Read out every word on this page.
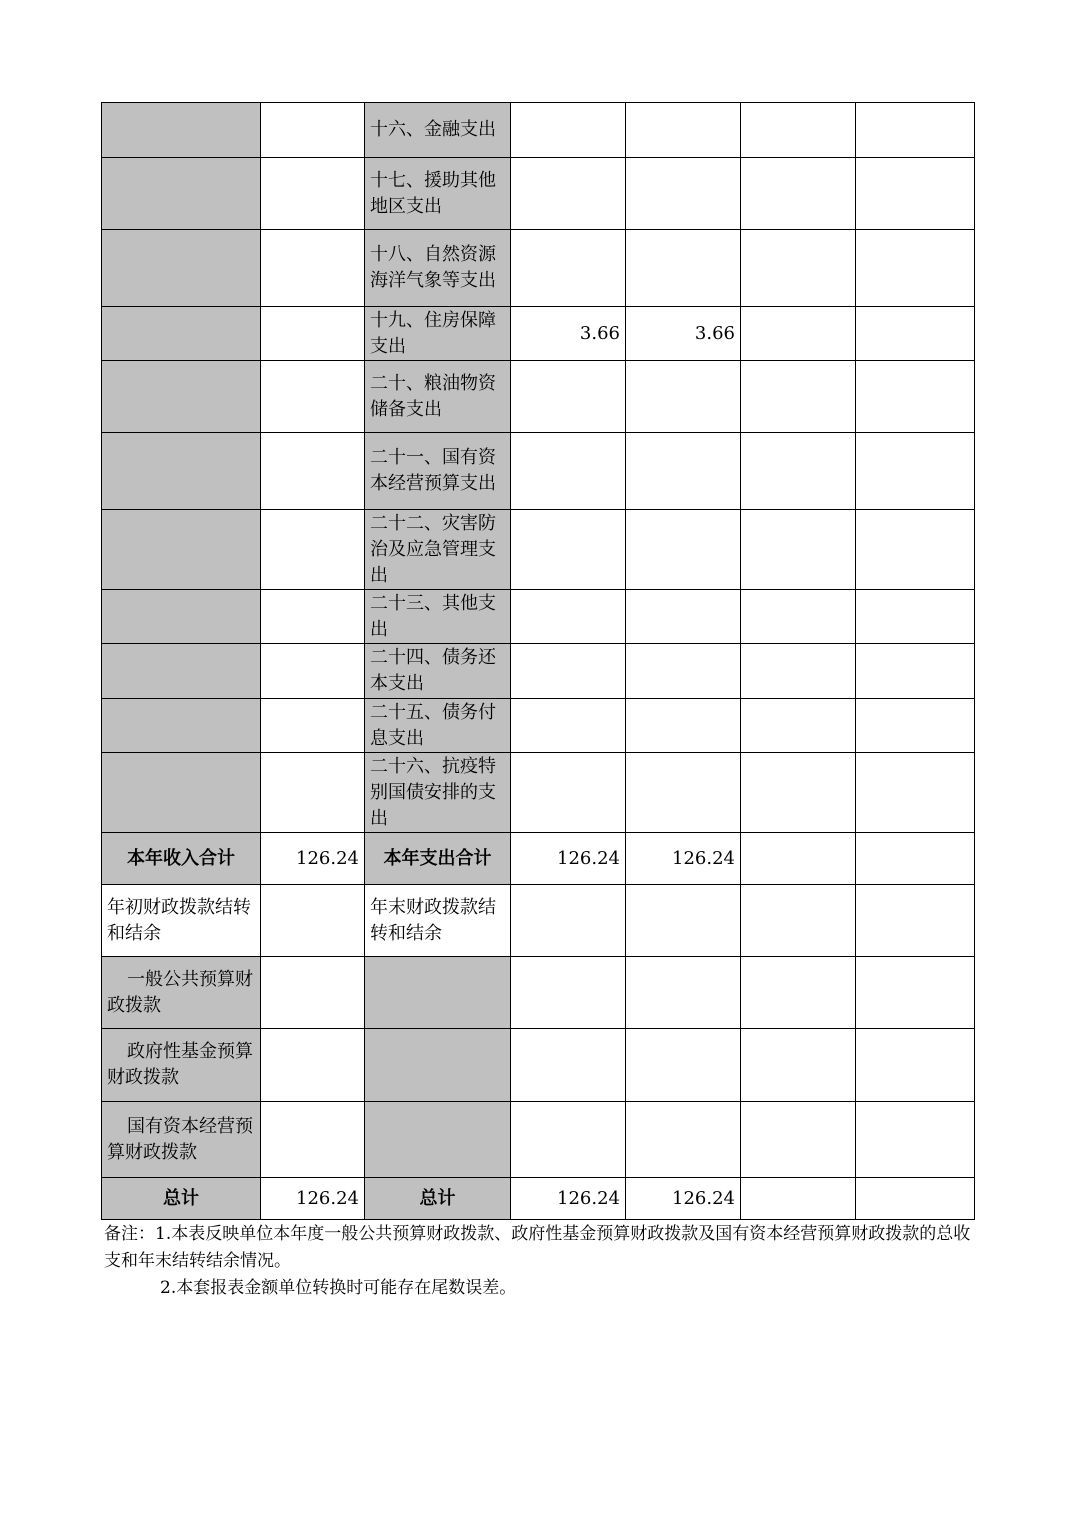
		十六、金融支出				
		十七、援助其他地区支出				
		十八、自然资源海洋气象等支出				
		十九、住房保障支出	3.66	3.66		
		二十、粮油物资储备支出				
		二十一、国有资本经营预算支出				
		二十二、灾害防治及应急管理支出				
		二十三、其他支出				
		二十四、债务还本支出				
		二十五、债务付息支出				
		二十六、抗疫特别国债安排的支出				
本年收入合计	126.24	本年支出合计	126.24	126.24		
年初财政拨款结转和结余		年末财政拨款结转和结余				
一般公共预算财政拨款						
政府性基金预算财政拨款						
国有资本经营预算财政拨款						
总计	126.24	总计	126.24	126.24		

备注：1.本表反映单位本年度一般公共预算财政拨款、政府性基金预算财政拨款及国有资本经营预算财政拨款的总收支和年末结转结余情况。

2.本套报表金额单位转换时可能存在尾数误差。
